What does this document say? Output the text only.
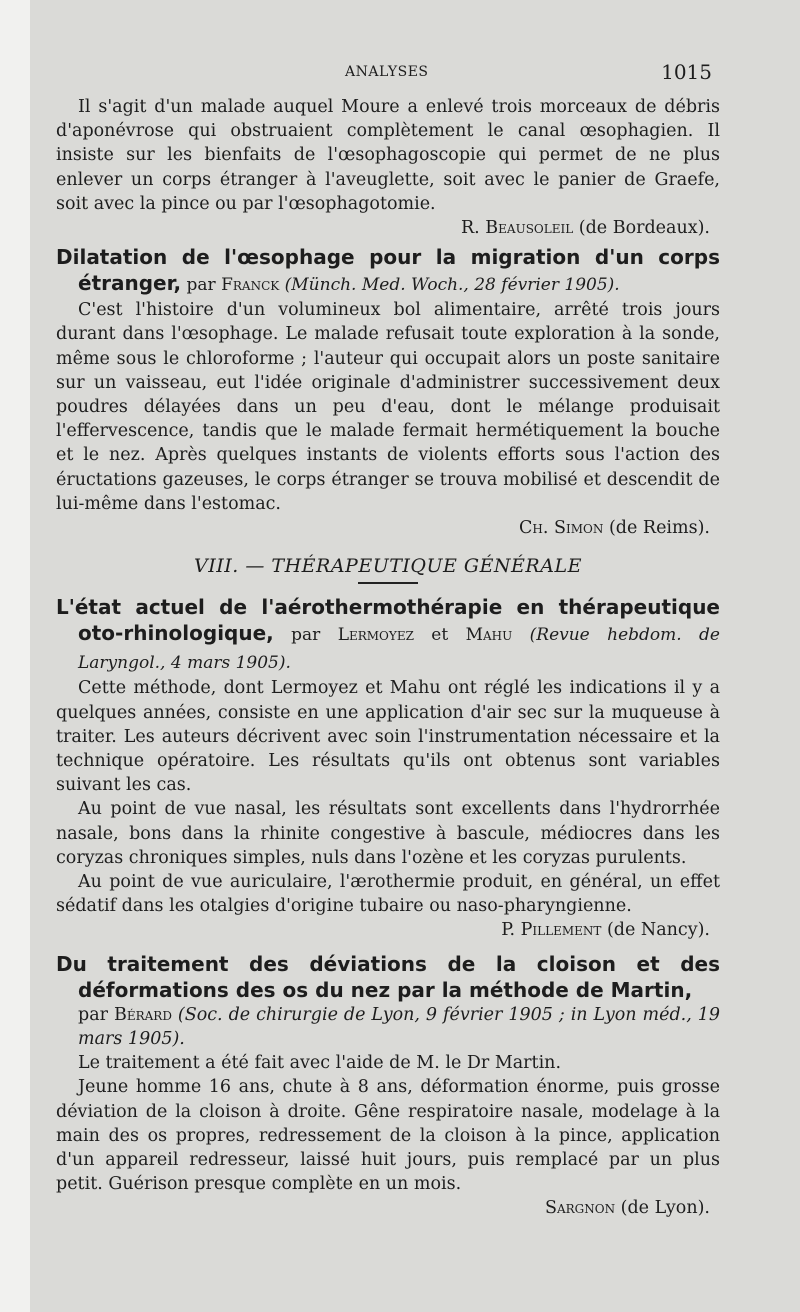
ANALYSES	1015

Il s'agit d'un malade auquel Moure a enlevé trois morceaux de débris d'aponévrose qui obstruaient complètement le canal œsophagien. Il insiste sur les bienfaits de l'œsophagoscopie qui permet de ne plus enlever un corps étranger à l'aveuglette, soit avec le panier de Graefe, soit avec la pince ou par l'œsophagotomie.

R. Beausoleil (de Bordeaux).

Dilatation de l'œsophage pour la migration d'un corps étranger, par Franck (Münch. Med. Woch., 28 février 1905).

C'est l'histoire d'un volumineux bol alimentaire, arrêté trois jours durant dans l'œsophage. Le malade refusait toute exploration à la sonde, même sous le chloroforme ; l'auteur qui occupait alors un poste sanitaire sur un vaisseau, eut l'idée originale d'administrer successivement deux poudres délayées dans un peu d'eau, dont le mélange produisait l'effervescence, tandis que le malade fermait hermétiquement la bouche et le nez. Après quelques instants de violents efforts sous l'action des éructations gazeuses, le corps étranger se trouva mobilisé et descendit de lui-même dans l'estomac.

Ch. Simon (de Reims).

VIII. — THÉRAPEUTIQUE GÉNÉRALE

L'état actuel de l'aérothermothérapie en thérapeutique oto-rhinologique, par Lermoyez et Mahu (Revue hebdom. de Laryngol., 4 mars 1905).

Cette méthode, dont Lermoyez et Mahu ont réglé les indications il y a quelques années, consiste en une application d'air sec sur la muqueuse à traiter. Les auteurs décrivent avec soin l'instrumentation nécessaire et la technique opératoire. Les résultats qu'ils ont obtenus sont variables suivant les cas.

Au point de vue nasal, les résultats sont excellents dans l'hydrorrhée nasale, bons dans la rhinite congestive à bascule, médiocres dans les coryzas chroniques simples, nuls dans l'ozène et les coryzas purulents.

Au point de vue auriculaire, l'ærothermie produit, en général, un effet sédatif dans les otalgies d'origine tubaire ou naso-pharyngienne.

P. Pillement (de Nancy).

Du traitement des déviations de la cloison et des déformations des os du nez par la méthode de Martin,

par Bérard (Soc. de chirurgie de Lyon, 9 février 1905 ; in Lyon méd., 19 mars 1905).

Le traitement a été fait avec l'aide de M. le Dr Martin.

Jeune homme 16 ans, chute à 8 ans, déformation énorme, puis grosse déviation de la cloison à droite. Gêne respiratoire nasale, modelage à la main des os propres, redressement de la cloison à la pince, application d'un appareil redresseur, laissé huit jours, puis remplacé par un plus petit. Guérison presque complète en un mois.

Sargnon (de Lyon).
